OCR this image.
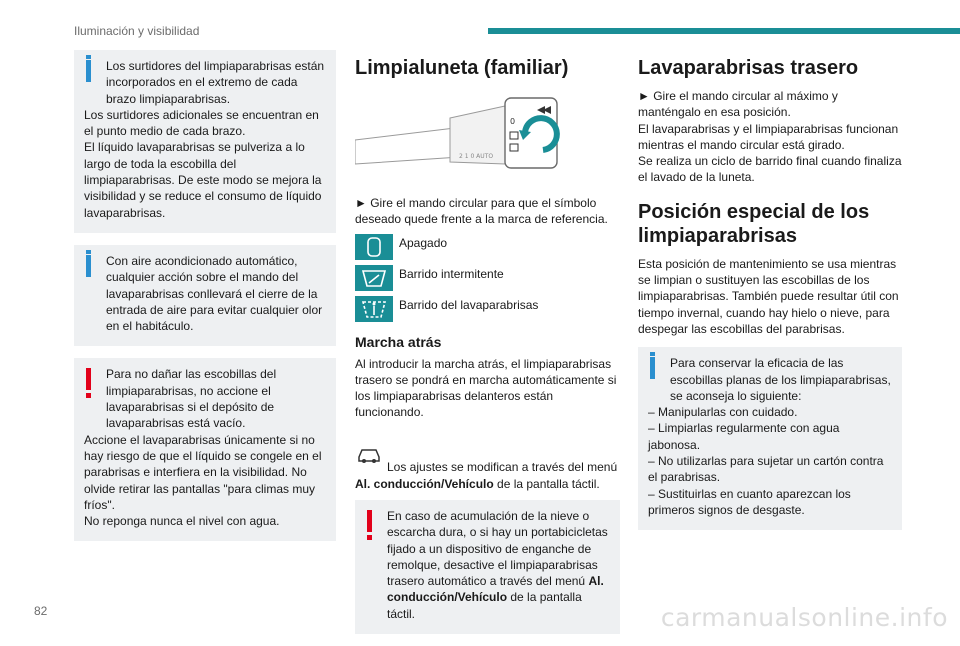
Iluminación y visibilidad

Los surtidores del limpiaparabrisas están incorporados en el extremo de cada brazo limpiaparabrisas.

Los surtidores adicionales se encuentran en el punto medio de cada brazo.
El líquido lavaparabrisas se pulveriza a lo largo de toda la escobilla del limpiaparabrisas. De este modo se mejora la visibilidad y se reduce el consumo de líquido lavaparabrisas.

Con aire acondicionado automático, cualquier acción sobre el mando del lavaparabrisas conllevará el cierre de la entrada de aire para evitar cualquier olor en el habitáculo.

Para no dañar las escobillas del limpiaparabrisas, no accione el lavaparabrisas si el depósito de lavaparabrisas está vacío.

Accione el lavaparabrisas únicamente si no hay riesgo de que el líquido se congele en el parabrisas e interfiera en la visibilidad. No olvide retirar las pantallas "para climas muy fríos".
No reponga nunca el nivel con agua.

Limpialuneta (familiar)
2 1 0 AUTO
0

► Gire el mando circular para que el símbolo deseado quede frente a la marca de referencia.

Apagado
Barrido intermitente
Barrido del lavaparabrisas
Marcha atrás

Al introducir la marcha atrás, el limpiaparabrisas trasero se pondrá en marcha automáticamente si los limpiaparabrisas delanteros están funcionando.

Los ajustes se modifican a través del menú Al. conducción/Vehículo de la pantalla táctil.

En caso de acumulación de la nieve o escarcha dura, o si hay un portabicicletas fijado a un dispositivo de enganche de remolque, desactive el limpiaparabrisas trasero automático a través del menú Al. conducción/Vehículo de la pantalla táctil.

Lavaparabrisas trasero

► Gire el mando circular al máximo y manténgalo en esa posición.
El lavaparabrisas y el limpiaparabrisas funcionan mientras el mando circular está girado.
Se realiza un ciclo de barrido final cuando finaliza el lavado de la luneta.

Posición especial de los limpiaparabrisas

Esta posición de mantenimiento se usa mientras se limpian o sustituyen las escobillas de los limpiaparabrisas. También puede resultar útil con tiempo invernal, cuando hay hielo o nieve, para despegar las escobillas del parabrisas.

Para conservar la eficacia de las escobillas planas de los limpiaparabrisas, se aconseja lo siguiente:

– Manipularlas con cuidado.
– Limpiarlas regularmente con agua jabonosa.
– No utilizarlas para sujetar un cartón contra el parabrisas.
– Sustituirlas en cuanto aparezcan los primeros signos de desgaste.

82	carmanualsonline.info
